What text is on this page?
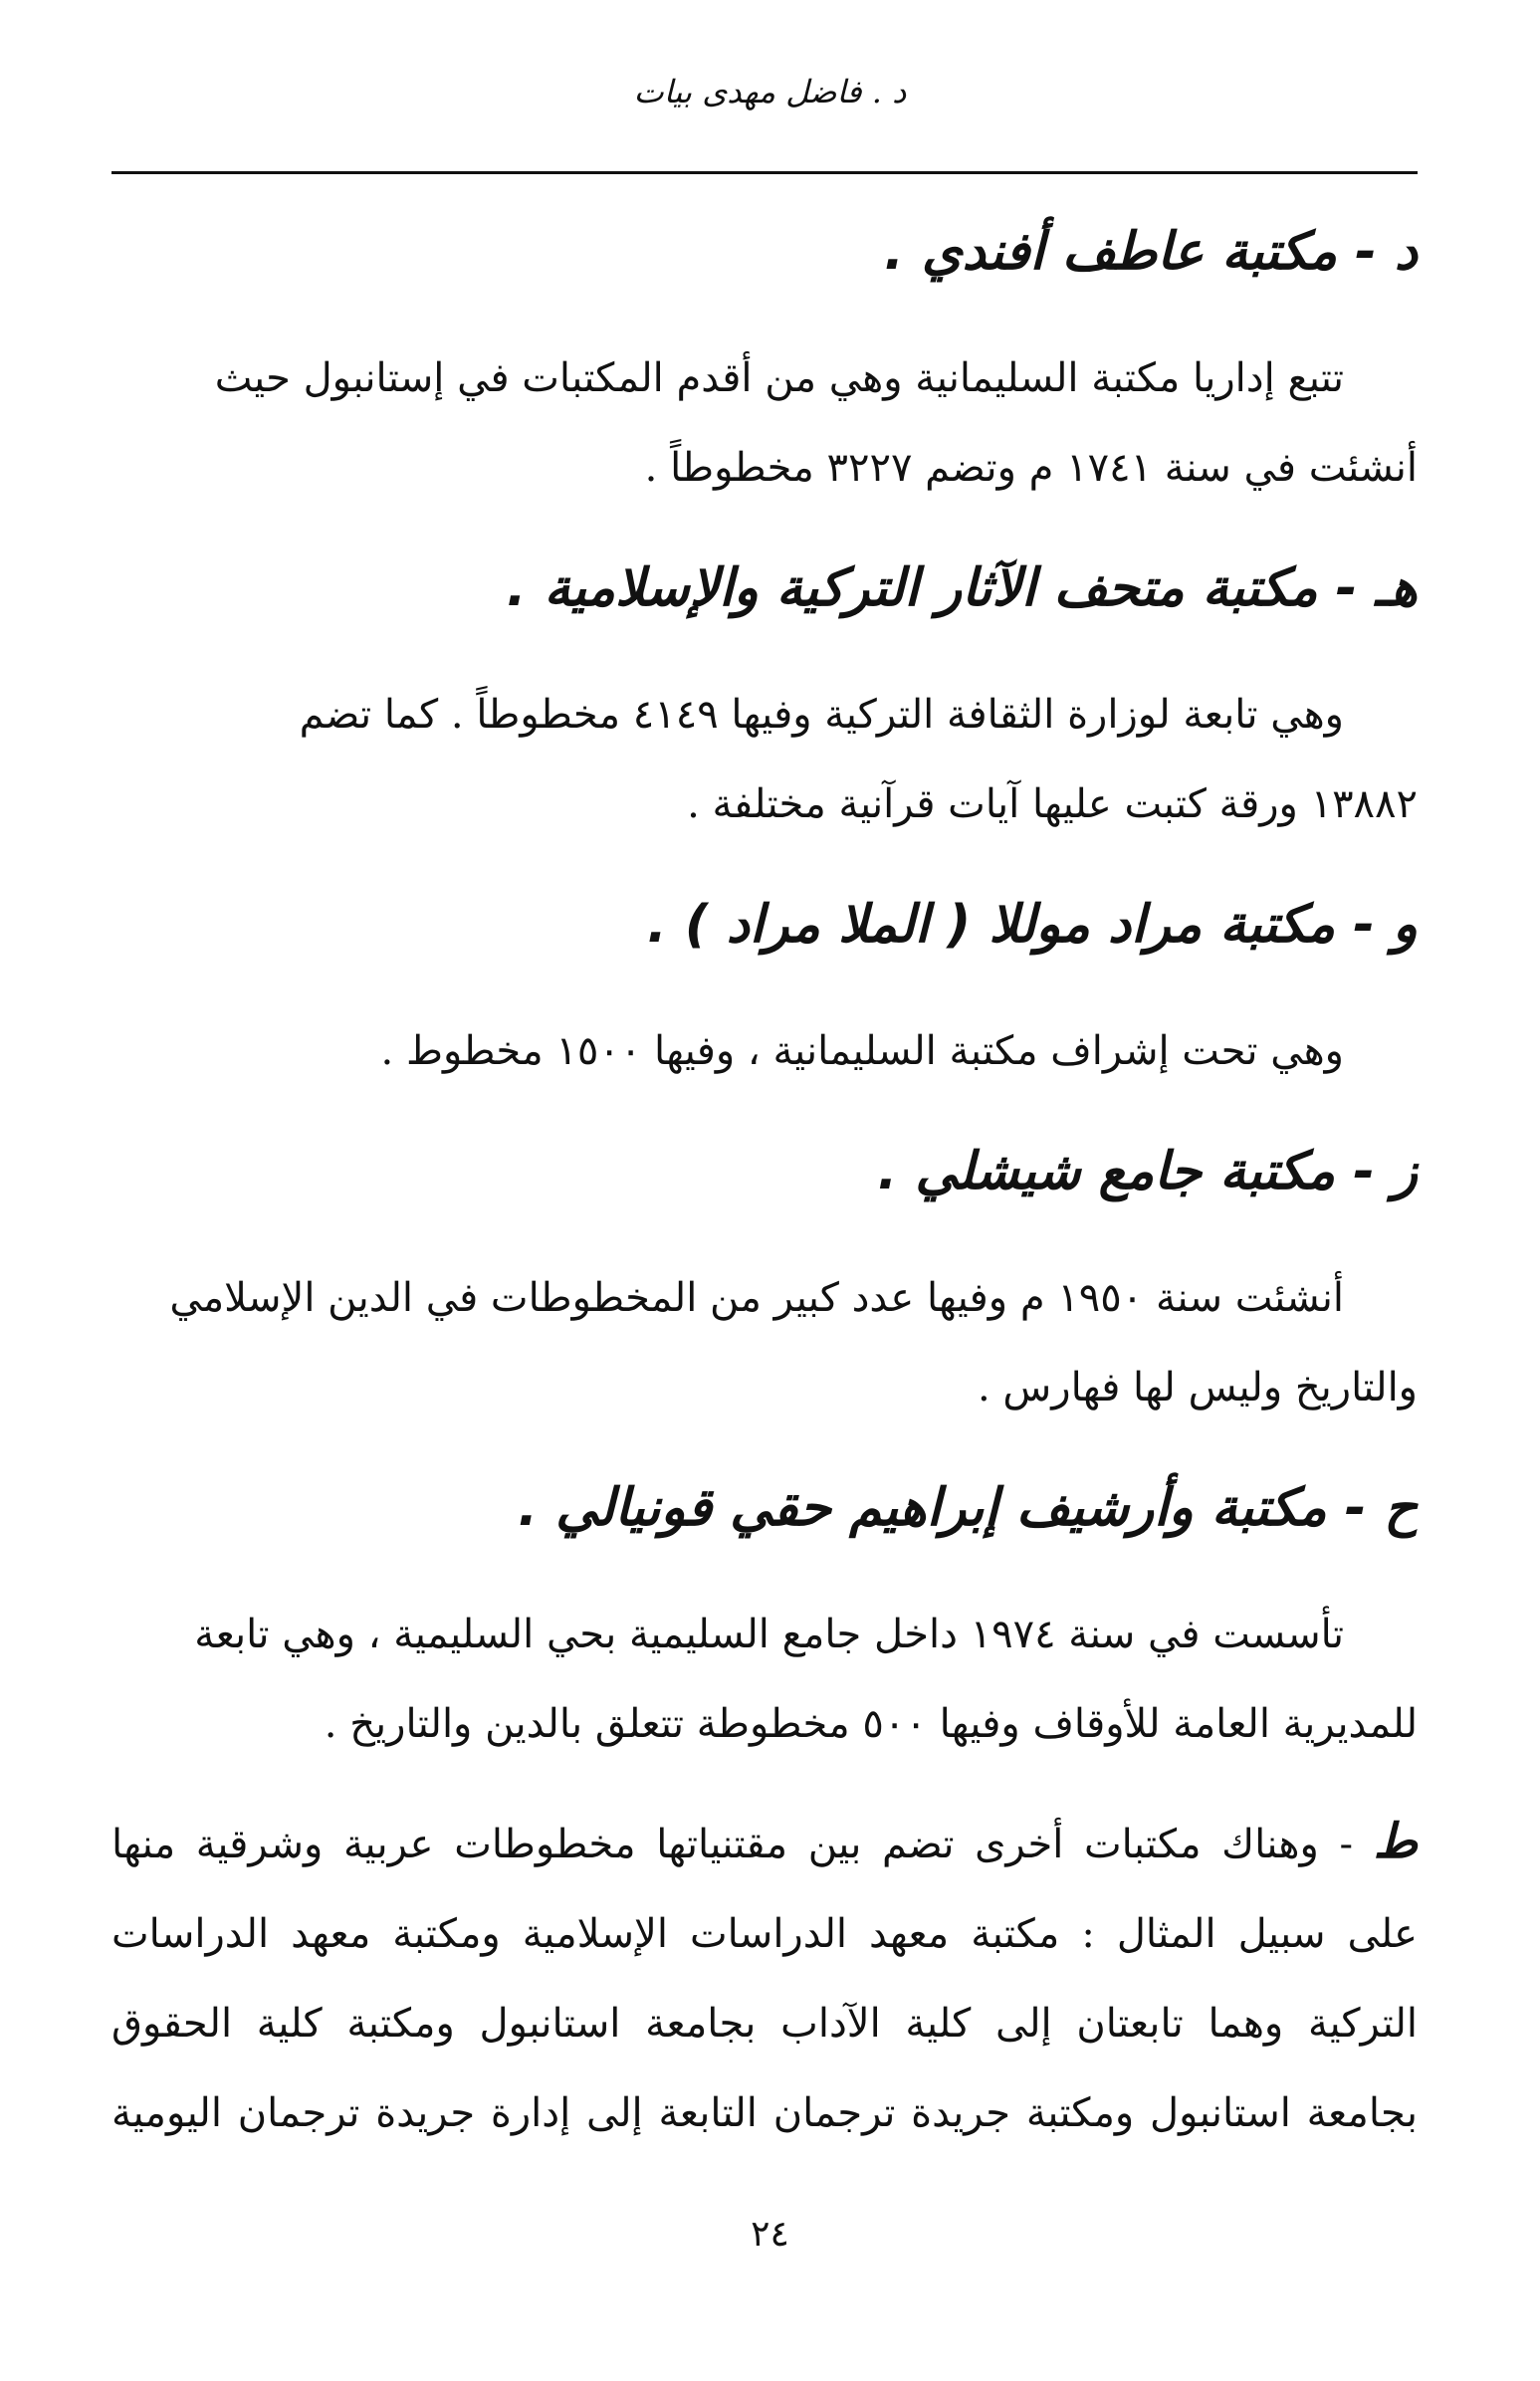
د . فاضل مهدى بيات
د - مكتبة عاطف أفندي .
تتبع إداريا مكتبة السليمانية وهي من أقدم المكتبات في إستانبول حيث
أنشئت في سنة ١٧٤١ م وتضم ٣٢٢٧ مخطوطاً .
هـ - مكتبة متحف الآثار التركية والإسلامية .
وهي تابعة لوزارة الثقافة التركية وفيها ٤١٤٩ مخطوطاً . كما تضم
١٣٨٨٢ ورقة كتبت عليها آيات قرآنية مختلفة .
و - مكتبة مراد موللا ( الملا مراد ) .
وهي تحت إشراف مكتبة السليمانية ، وفيها ١٥٠٠ مخطوط .
ز - مكتبة جامع شيشلي .
أنشئت سنة ١٩٥٠ م وفيها عدد كبير من المخطوطات في الدين الإسلامي
والتاريخ وليس لها فهارس .
ح - مكتبة وأرشيف إبراهيم حقي قونيالي .
تأسست في سنة ١٩٧٤ داخل جامع السليمية بحي السليمية ، وهي تابعة
للمديرية العامة للأوقاف وفيها ٥٠٠ مخطوطة تتعلق بالدين والتاريخ .
ط - وهناك مكتبات أخرى تضم بين مقتنياتها مخطوطات عربية وشرقية منها
على سبيل المثال : مكتبة معهد الدراسات الإسلامية ومكتبة معهد الدراسات
التركية وهما تابعتان إلى كلية الآداب بجامعة استانبول ومكتبة كلية الحقوق
بجامعة استانبول ومكتبة جريدة ترجمان التابعة إلى إدارة جريدة ترجمان اليومية
٢٤
